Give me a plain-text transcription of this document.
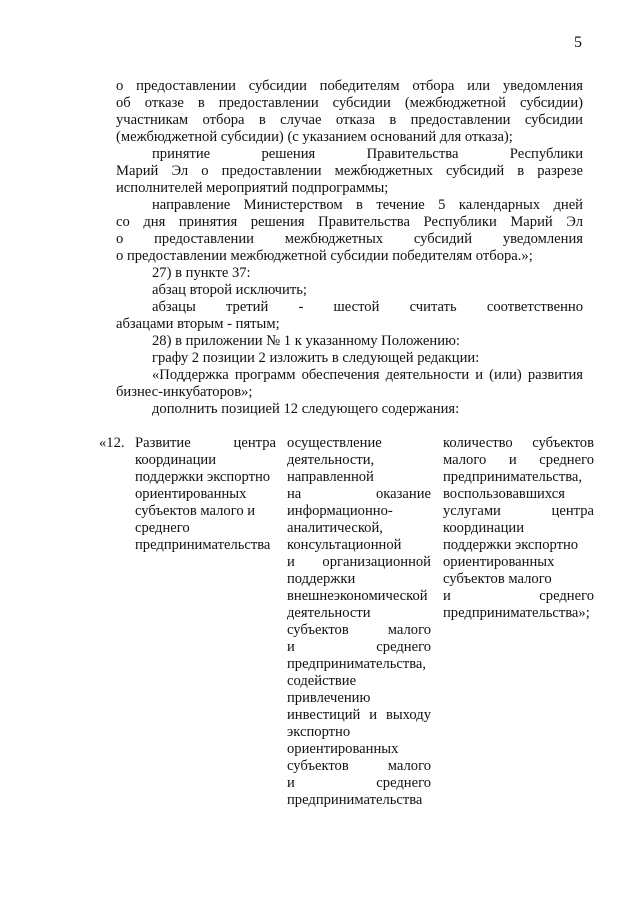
5
о предоставлении субсидии победителям отбора или уведомления
об отказе в предоставлении субсидии (межбюджетной субсидии)
участникам отбора в случае отказа в предоставлении субсидии
(межбюджетной субсидии) (с указанием оснований для отказа);
принятие решения Правительства Республики
Марий Эл о предоставлении межбюджетных субсидий в разрезе
исполнителей мероприятий подпрограммы;
направление Министерством в течение 5 календарных дней
со дня принятия решения Правительства Республики Марий Эл
о предоставлении межбюджетных субсидий уведомления
о предоставлении межбюджетной субсидии победителям отбора.»;
27) в пункте 37:
абзац второй исключить;
абзацы третий - шестой считать соответственно
абзацами вторым - пятым;
28) в приложении № 1 к указанному Положению:
графу 2 позиции 2 изложить в следующей редакции:
«Поддержка программ обеспечения деятельности и (или) развития
бизнес-инкубаторов»;
дополнить позицией 12 следующего содержания:
«12. Развитие центра
координации
поддержки экспортно
ориентированных
субъектов малого и
среднего
предпринимательства
осуществление
деятельности,
направленной
на оказание
информационно-
аналитической,
консультационной
и организационной
поддержки
внешнеэкономической
деятельности
субъектов малого
и среднего
предпринимательства,
содействие
привлечению
инвестиций и выходу
экспортно
ориентированных
субъектов малого
и среднего
предпринимательства
количество субъектов
малого и среднего
предпринимательства,
воспользовавшихся
услугами центра
координации
поддержки экспортно
ориентированных
субъектов малого
и среднего
предпринимательства»;
